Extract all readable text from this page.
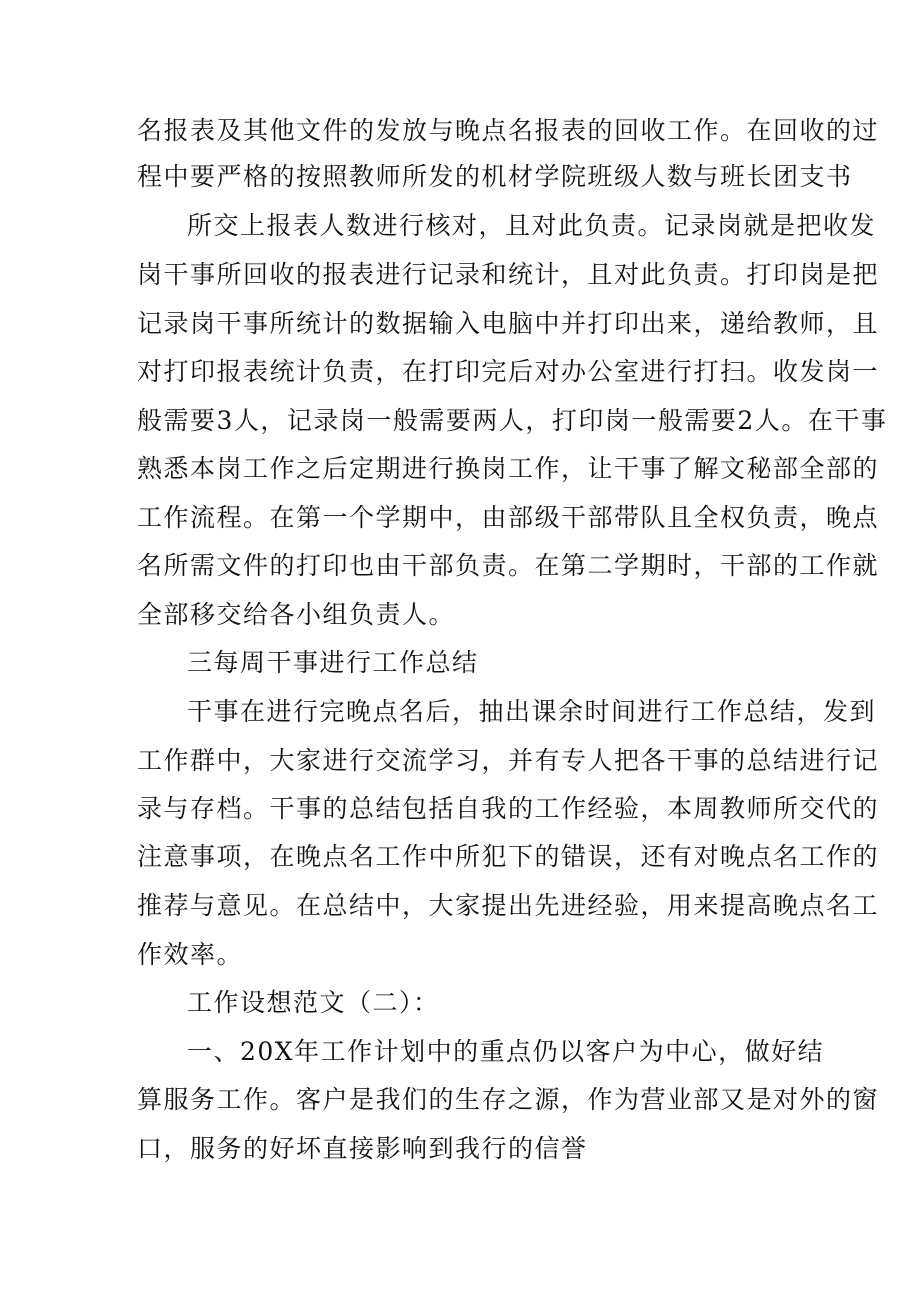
名报表及其他文件的发放与晚点名报表的回收工作。在回收的过
程中要严格的按照教师所发的机材学院班级人数与班长团支书
所交上报表人数进行核对，且对此负责。记录岗就是把收发
岗干事所回收的报表进行记录和统计，且对此负责。打印岗是把
记录岗干事所统计的数据输入电脑中并打印出来，递给教师，且
对打印报表统计负责，在打印完后对办公室进行打扫。收发岗一
般需要3人，记录岗一般需要两人，打印岗一般需要2人。在干事
熟悉本岗工作之后定期进行换岗工作，让干事了解文秘部全部的
工作流程。在第一个学期中，由部级干部带队且全权负责，晚点
名所需文件的打印也由干部负责。在第二学期时，干部的工作就
全部移交给各小组负责人。
三每周干事进行工作总结
干事在进行完晚点名后，抽出课余时间进行工作总结，发到
工作群中，大家进行交流学习，并有专人把各干事的总结进行记
录与存档。干事的总结包括自我的工作经验，本周教师所交代的
注意事项，在晚点名工作中所犯下的错误，还有对晚点名工作的
推荐与意见。在总结中，大家提出先进经验，用来提高晚点名工
作效率。
工作设想范文（二）：
一、20X年工作计划中的重点仍以客户为中心，做好结
算服务工作。客户是我们的生存之源，作为营业部又是对外的窗
口，服务的好坏直接影响到我行的信誉
